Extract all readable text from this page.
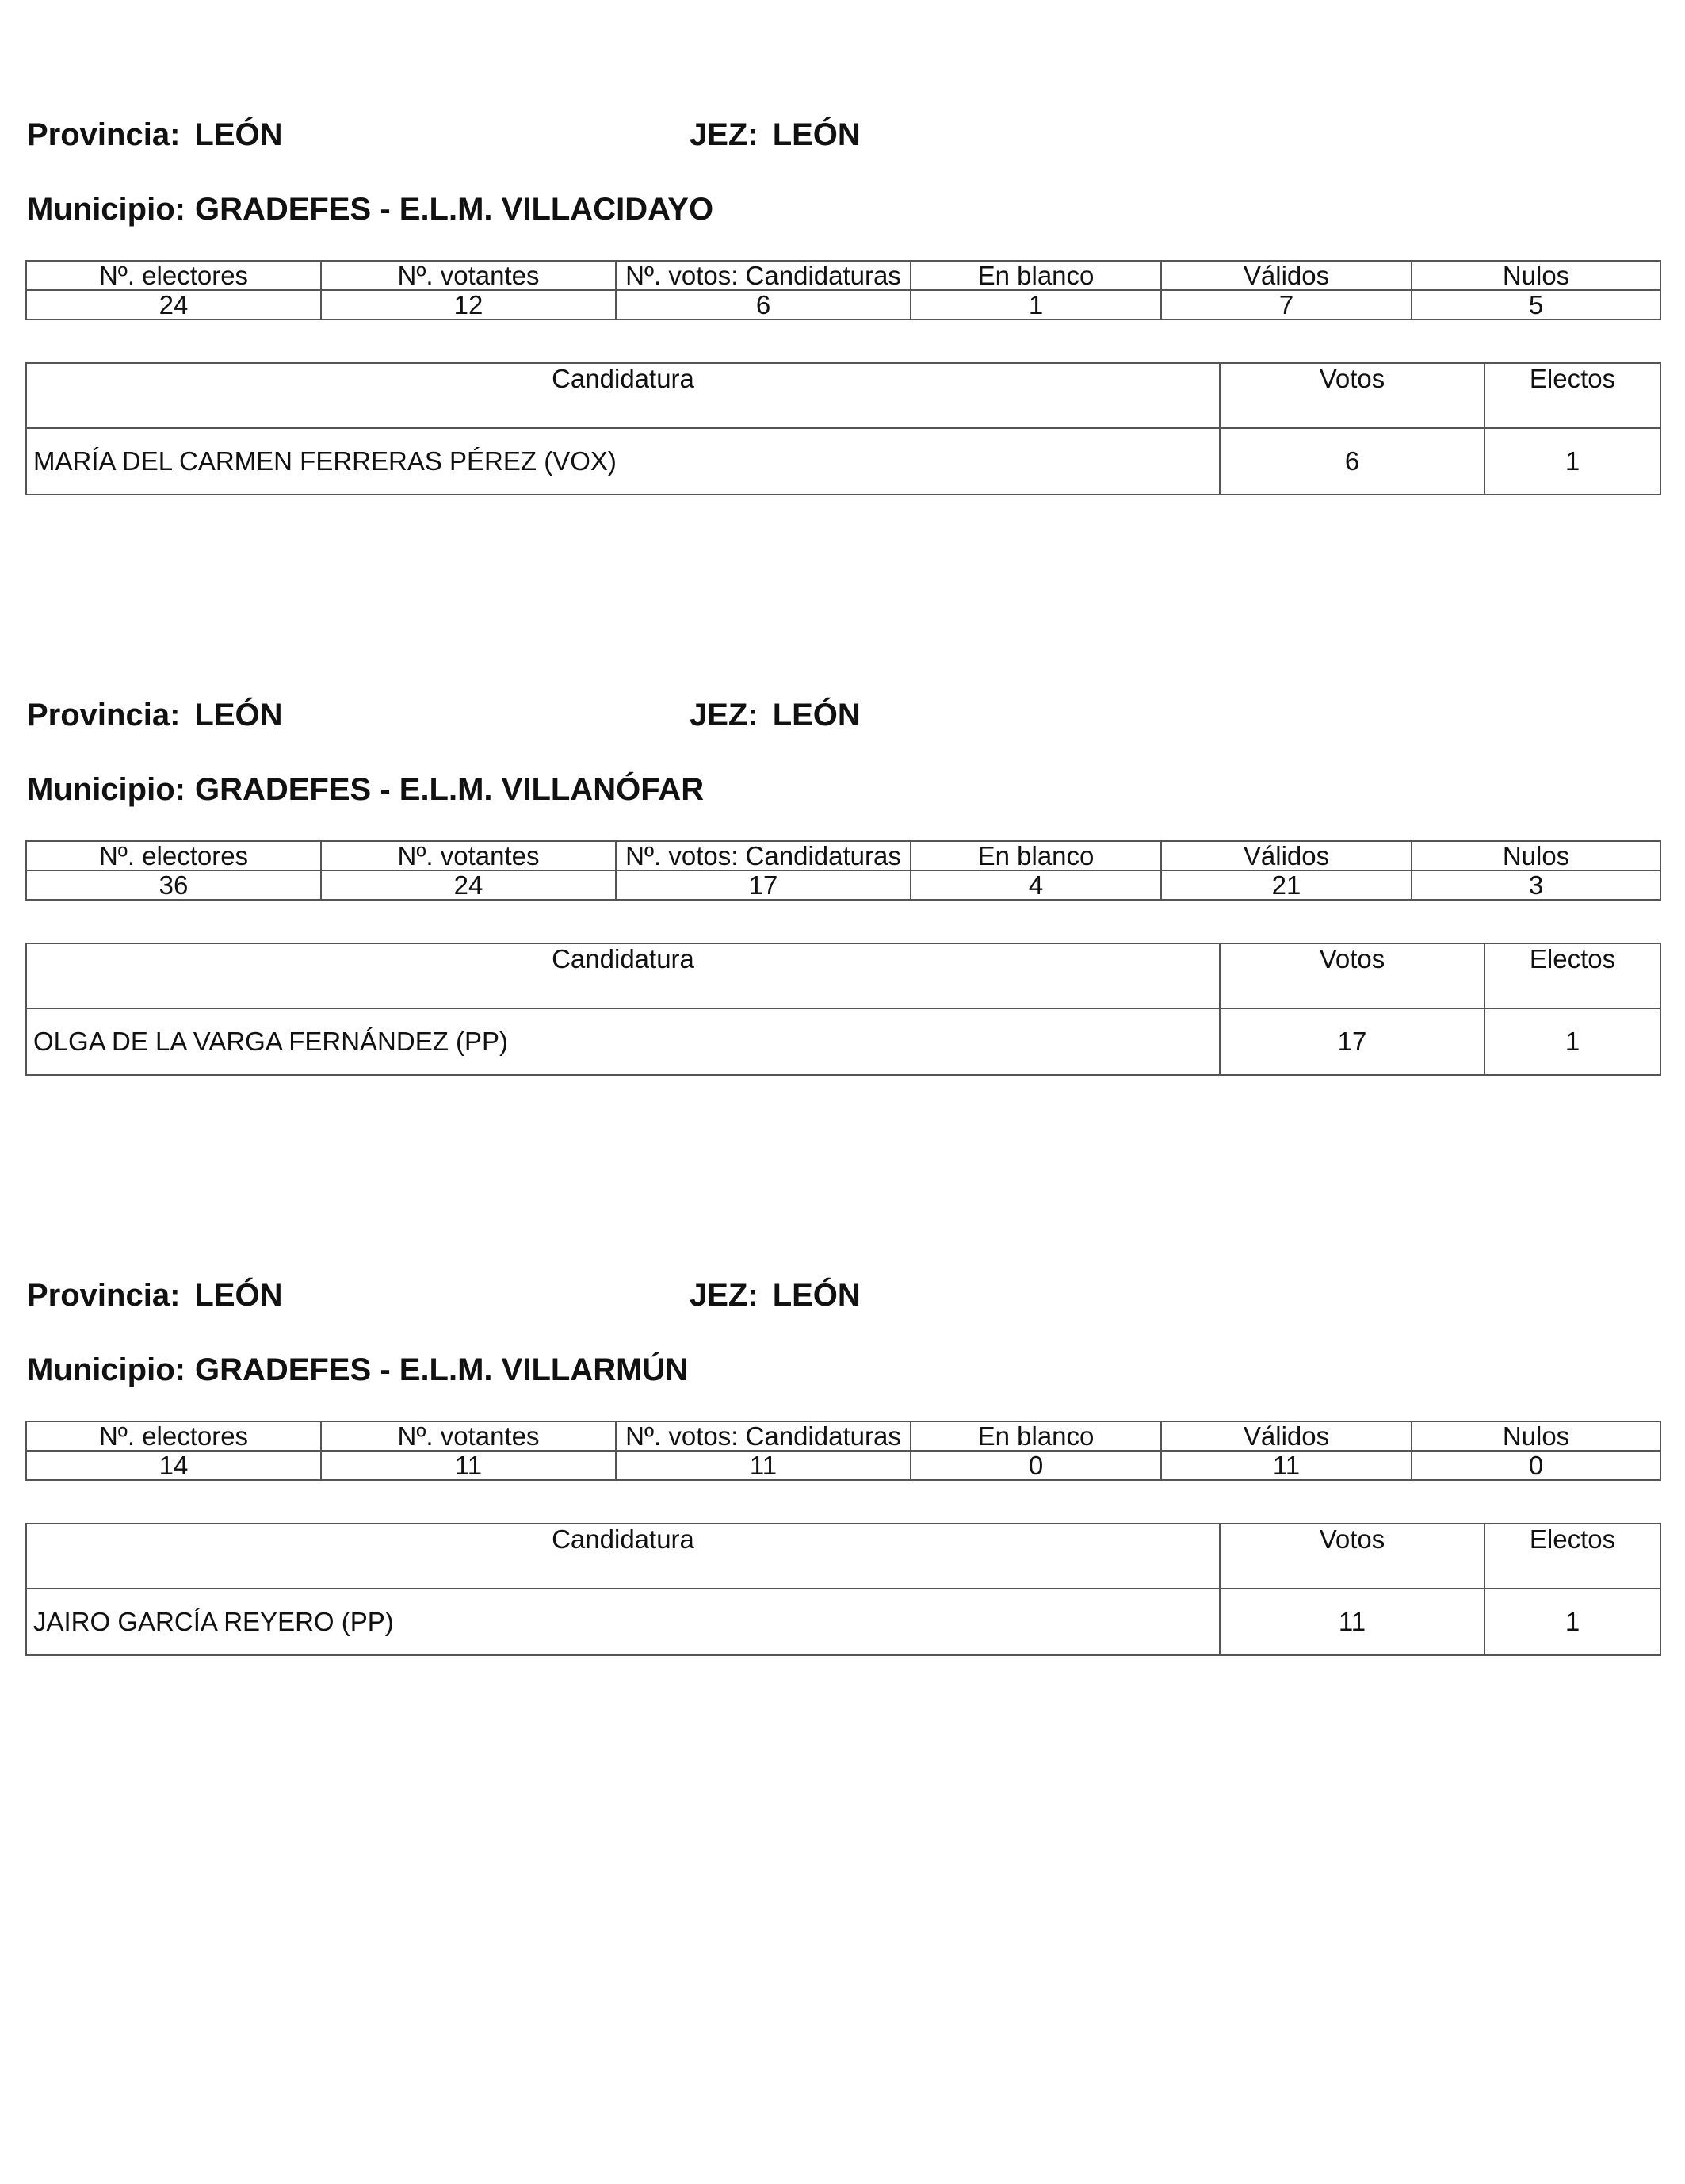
Provincia: LEÓN	JEZ: LEÓN
Municipio: GRADEFES - E.L.M. VILLACIDAYO
Nº. electores	Nº. votantes	Nº. votos: Candidaturas	En blanco	Válidos	Nulos
24	12	6	1	7	5
Candidatura	Votos	Electos
MARÍA DEL CARMEN FERRERAS PÉREZ (VOX)	6	1
Provincia: LEÓN	JEZ: LEÓN
Municipio: GRADEFES - E.L.M. VILLANÓFAR
Nº. electores	Nº. votantes	Nº. votos: Candidaturas	En blanco	Válidos	Nulos
36	24	17	4	21	3
Candidatura	Votos	Electos
OLGA DE LA VARGA FERNÁNDEZ (PP)	17	1
Provincia: LEÓN	JEZ: LEÓN
Municipio: GRADEFES - E.L.M. VILLARMÚN
Nº. electores	Nº. votantes	Nº. votos: Candidaturas	En blanco	Válidos	Nulos
14	11	11	0	11	0
Candidatura	Votos	Electos
JAIRO GARCÍA REYERO (PP)	11	1
